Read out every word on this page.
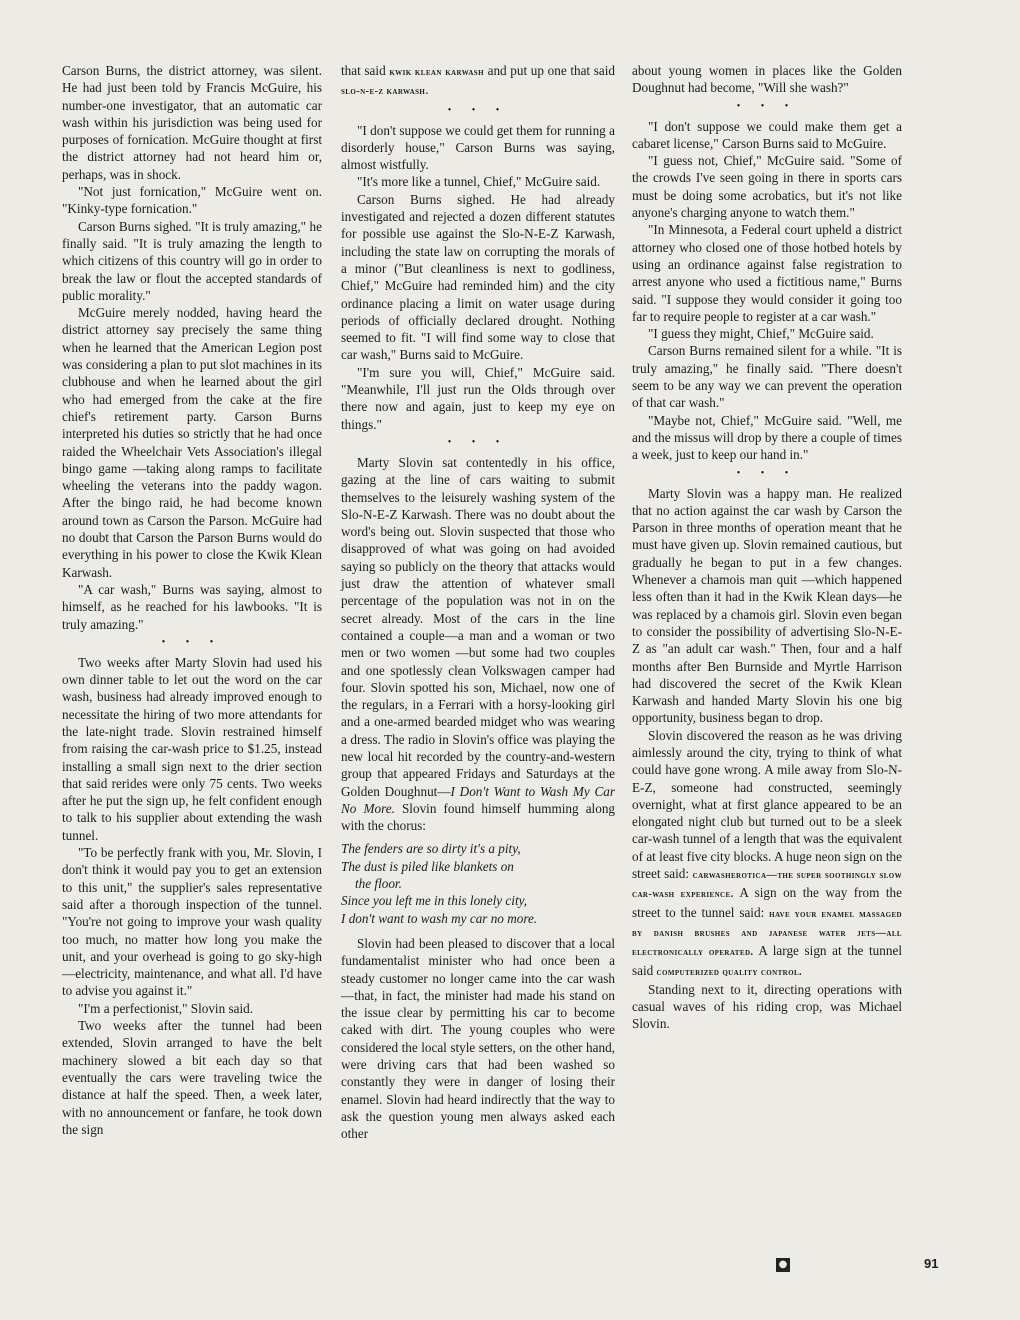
Carson Burns, the district attorney, was silent. He had just been told by Francis McGuire, his number-one investigator, that an automatic car wash within his jurisdiction was being used for purposes of fornication. McGuire thought at first the district attorney had not heard him or, perhaps, was in shock.

"Not just fornication," McGuire went on. "Kinky-type fornication."

Carson Burns sighed. "It is truly amazing," he finally said. "It is truly amazing the length to which citizens of this country will go in order to break the law or flout the accepted standards of public morality."

McGuire merely nodded, having heard the district attorney say precisely the same thing when he learned that the American Legion post was considering a plan to put slot machines in its clubhouse and when he learned about the girl who had emerged from the cake at the fire chief's retirement party. Carson Burns interpreted his duties so strictly that he had once raided the Wheelchair Vets Association's illegal bingo game —taking along ramps to facilitate wheeling the veterans into the paddy wagon. After the bingo raid, he had become known around town as Carson the Parson. McGuire had no doubt that Carson the Parson Burns would do everything in his power to close the Kwik Klean Karwash.

"A car wash," Burns was saying, almost to himself, as he reached for his lawbooks. "It is truly amazing."

• • •

Two weeks after Marty Slovin had used his own dinner table to let out the word on the car wash, business had already improved enough to necessitate the hiring of two more attendants for the late-night trade. Slovin restrained himself from raising the car-wash price to $1.25, instead installing a small sign next to the drier section that said rerides were only 75 cents. Two weeks after he put the sign up, he felt confident enough to talk to his supplier about extending the wash tunnel.

"To be perfectly frank with you, Mr. Slovin, I don't think it would pay you to get an extension to this unit," the supplier's sales representative said after a thorough inspection of the tunnel. "You're not going to improve your wash quality too much, no matter how long you make the unit, and your overhead is going to go sky-high—electricity, maintenance, and what all. I'd have to advise you against it."

"I'm a perfectionist," Slovin said.

Two weeks after the tunnel had been extended, Slovin arranged to have the belt machinery slowed a bit each day so that eventually the cars were traveling twice the distance at half the speed. Then, a week later, with no announcement or fanfare, he took down the sign

that said kwik klean karwash and put up one that said slo-n-e-z karwash.

• • •

"I don't suppose we could get them for running a disorderly house," Carson Burns was saying, almost wistfully.

"It's more like a tunnel, Chief," McGuire said.

Carson Burns sighed. He had already investigated and rejected a dozen different statutes for possible use against the Slo-N-E-Z Karwash, including the state law on corrupting the morals of a minor ("But cleanliness is next to godliness, Chief," McGuire had reminded him) and the city ordinance placing a limit on water usage during periods of officially declared drought. Nothing seemed to fit. "I will find some way to close that car wash," Burns said to McGuire.

"I'm sure you will, Chief," McGuire said. "Meanwhile, I'll just run the Olds through over there now and again, just to keep my eye on things."

• • •

Marty Slovin sat contentedly in his office, gazing at the line of cars waiting to submit themselves to the leisurely washing system of the Slo-N-E-Z Karwash. There was no doubt about the word's being out. Slovin suspected that those who disapproved of what was going on had avoided saying so publicly on the theory that attacks would just draw the attention of whatever small percentage of the population was not in on the secret already. Most of the cars in the line contained a couple—a man and a woman or two men or two women —but some had two couples and one spotlessly clean Volkswagen camper had four. Slovin spotted his son, Michael, now one of the regulars, in a Ferrari with a horsy-looking girl and a one-armed bearded midget who was wearing a dress. The radio in Slovin's office was playing the new local hit recorded by the country-and-western group that appeared Fridays and Saturdays at the Golden Doughnut—I Don't Want to Wash My Car No More. Slovin found himself humming along with the chorus:

The fenders are so dirty it's a pity,
The dust is piled like blankets on
the floor.
Since you left me in this lonely city,
I don't want to wash my car no more.

Slovin had been pleased to discover that a local fundamentalist minister who had once been a steady customer no longer came into the car wash—that, in fact, the minister had made his stand on the issue clear by permitting his car to become caked with dirt. The young couples who were considered the local style setters, on the other hand, were driving cars that had been washed so constantly they were in danger of losing their enamel. Slovin had heard indirectly that the way to ask the question young men always asked each other

about young women in places like the Golden Doughnut had become, "Will she wash?"

• • •

"I don't suppose we could make them get a cabaret license," Carson Burns said to McGuire.

"I guess not, Chief," McGuire said. "Some of the crowds I've seen going in there in sports cars must be doing some acrobatics, but it's not like anyone's charging anyone to watch them."

"In Minnesota, a Federal court upheld a district attorney who closed one of those hotbed hotels by using an ordinance against false registration to arrest anyone who used a fictitious name," Burns said. "I suppose they would consider it going too far to require people to register at a car wash."

"I guess they might, Chief," McGuire said.

Carson Burns remained silent for a while. "It is truly amazing," he finally said. "There doesn't seem to be any way we can prevent the operation of that car wash."

"Maybe not, Chief," McGuire said. "Well, me and the missus will drop by there a couple of times a week, just to keep our hand in."

• • •

Marty Slovin was a happy man. He realized that no action against the car wash by Carson the Parson in three months of operation meant that he must have given up. Slovin remained cautious, but gradually he began to put in a few changes. Whenever a chamois man quit —which happened less often than it had in the Kwik Klean days—he was replaced by a chamois girl. Slovin even began to consider the possibility of advertising Slo-N-E-Z as "an adult car wash." Then, four and a half months after Ben Burnside and Myrtle Harrison had discovered the secret of the Kwik Klean Karwash and handed Marty Slovin his one big opportunity, business began to drop.

Slovin discovered the reason as he was driving aimlessly around the city, trying to think of what could have gone wrong. A mile away from Slo-N-E-Z, someone had constructed, seemingly overnight, what at first glance appeared to be an elongated night club but turned out to be a sleek car-wash tunnel of a length that was the equivalent of at least five city blocks. A huge neon sign on the street said: carwasherotica—the super soothingly slow car-wash experience. A sign on the way from the street to the tunnel said: have your enamel massaged by danish brushes and japanese water jets—all electronically operated. A large sign at the tunnel said computerized quality control.

Standing next to it, directing operations with casual waves of his riding crop, was Michael Slovin.

●	91
